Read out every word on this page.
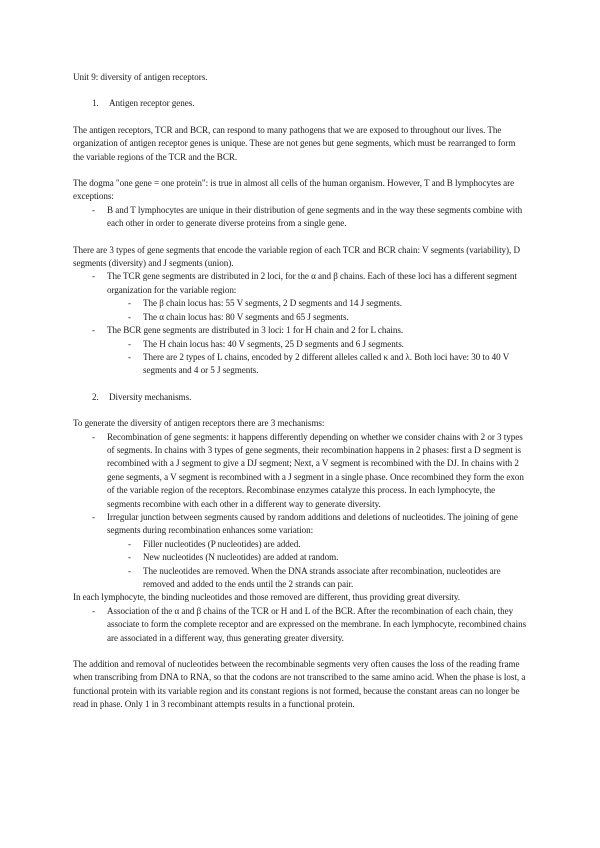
Unit 9: diversity of antigen receptors.

1.	Antigen receptor genes.

The antigen receptors, TCR and BCR, can respond to many pathogens that we are exposed to throughout our lives. The organization of antigen receptor genes is unique. These are not genes but gene segments, which must be rearranged to form the variable regions of the TCR and the BCR.

The dogma "one gene = one protein": is true in almost all cells of the human organism. However, T and B lymphocytes are exceptions:

-	B and T lymphocytes are unique in their distribution of gene segments and in the way these segments combine with each other in order to generate diverse proteins from a single gene.

There are 3 types of gene segments that encode the variable region of each TCR and BCR chain: V segments (variability), D segments (diversity) and J segments (union).

-	The TCR gene segments are distributed in 2 loci, for the α and β chains. Each of these loci has a different segment organization for the variable region:
-	The β chain locus has: 55 V segments, 2 D segments and 14 J segments.
-	The α chain locus has: 80 V segments and 65 J segments.
-	The BCR gene segments are distributed in 3 loci: 1 for H chain and 2 for L chains.
-	The H chain locus has: 40 V segments, 25 D segments and 6 J segments.
-	There are 2 types of L chains, encoded by 2 different alleles called κ and λ. Both loci have: 30 to 40 V segments and 4 or 5 J segments.
2.	Diversity mechanisms.

To generate the diversity of antigen receptors there are 3 mechanisms:

-	Recombination of gene segments: it happens differently depending on whether we consider chains with 2 or 3 types of segments. In chains with 3 types of gene segments, their recombination happens in 2 phases: first a D segment is recombined with a J segment to give a DJ segment; Next, a V segment is recombined with the DJ. In chains with 2 gene segments, a V segment is recombined with a J segment in a single phase. Once recombined they form the exon of the variable region of the receptors. Recombinase enzymes catalyze this process. In each lymphocyte, the segments recombine with each other in a different way to generate diversity.
-	Irregular junction between segments caused by random additions and deletions of nucleotides. The joining of gene segments during recombination enhances some variation:
-	Filler nucleotides (P nucleotides) are added.
-	New nucleotides (N nucleotides) are added at random.
-	The nucleotides are removed. When the DNA strands associate after recombination, nucleotides are removed and added to the ends until the 2 strands can pair.

In each lymphocyte, the binding nucleotides and those removed are different, thus providing great diversity.

-	Association of the α and β chains of the TCR or H and L of the BCR. After the recombination of each chain, they associate to form the complete receptor and are expressed on the membrane. In each lymphocyte, recombined chains are associated in a different way, thus generating greater diversity.

The addition and removal of nucleotides between the recombinable segments very often causes the loss of the reading frame when transcribing from DNA to RNA, so that the codons are not transcribed to the same amino acid. When the phase is lost, a functional protein with its variable region and its constant regions is not formed, because the constant areas can no longer be read in phase. Only 1 in 3 recombinant attempts results in a functional protein.
